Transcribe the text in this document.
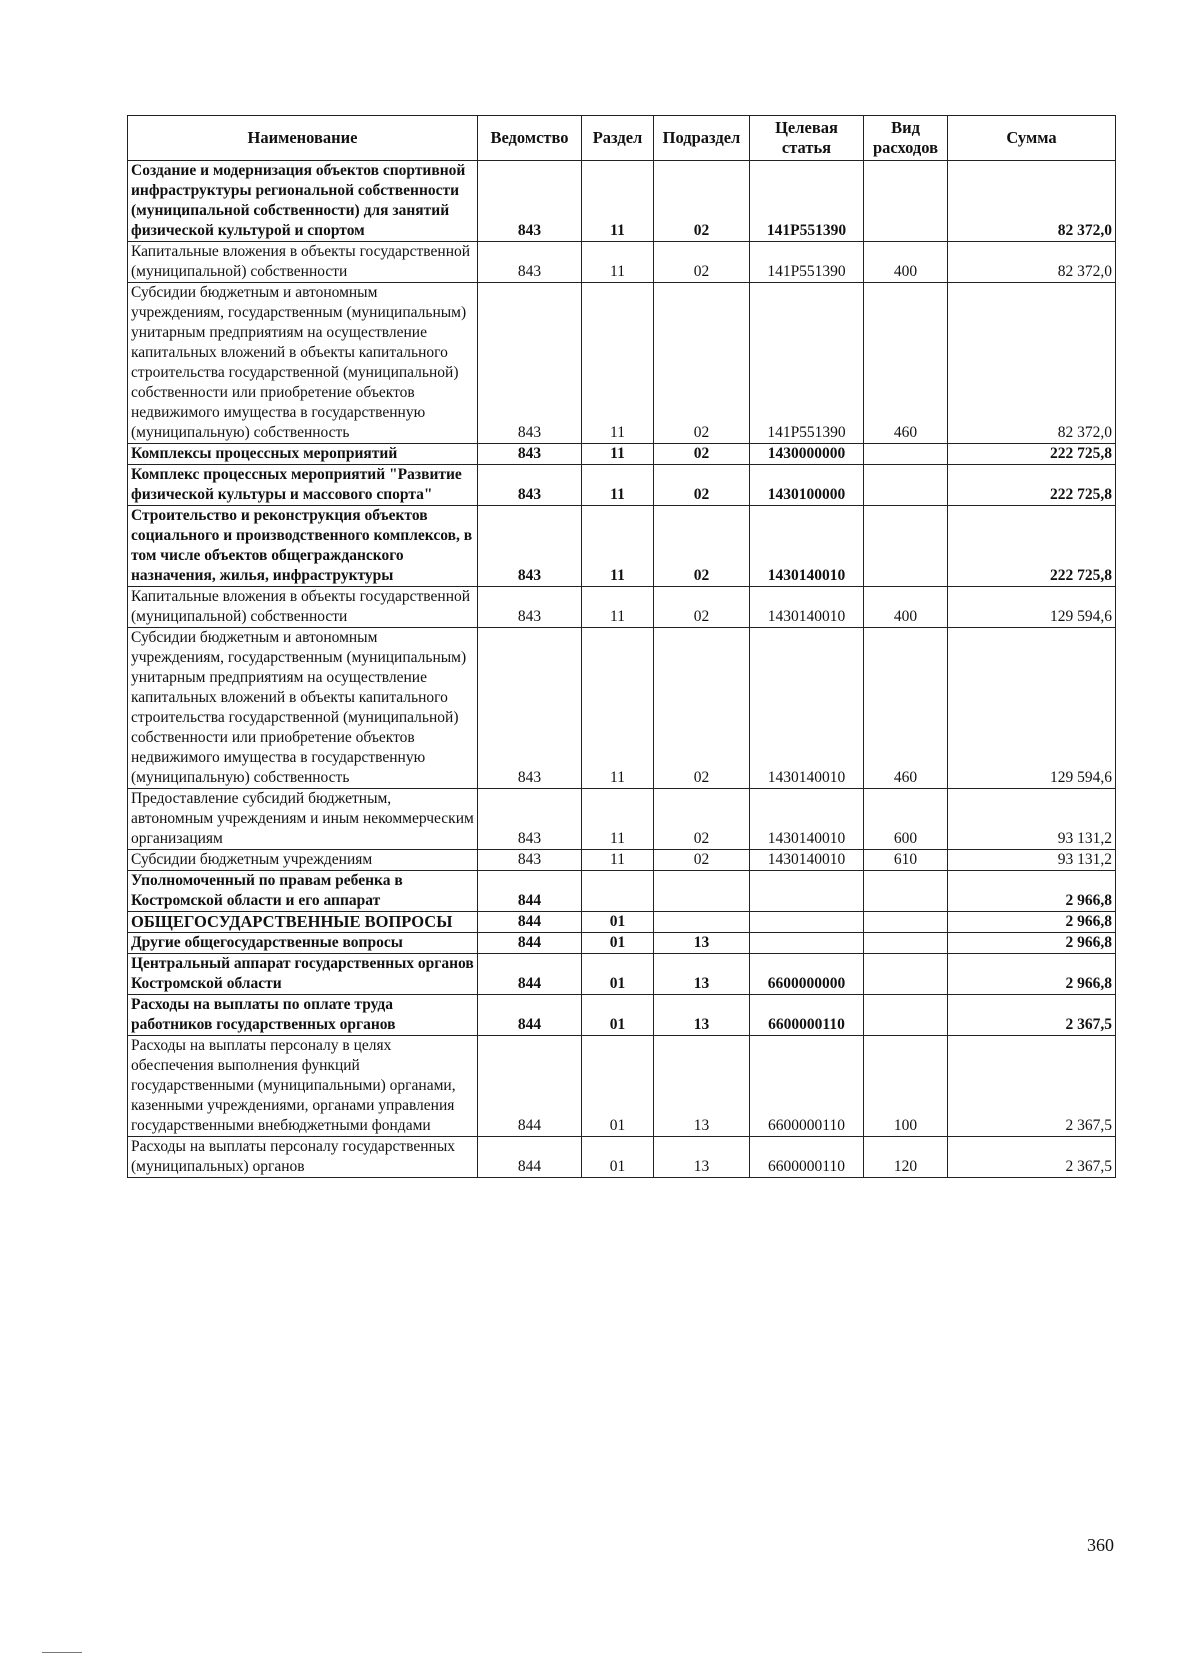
Наименование	Ведомство	Раздел	Подраздел	Целевая статья	Вид расходов	Сумма
Создание и модернизация объектов спортивной инфраструктуры региональной собственности (муниципальной собственности) для занятий физической культурой и спортом	843	11	02	141P551390		82 372,0
Капитальные вложения в объекты государственной (муниципальной) собственности	843	11	02	141P551390	400	82 372,0
Субсидии бюджетным и автономным учреждениям, государственным (муниципальным) унитарным предприятиям на осуществление капитальных вложений в объекты капитального строительства государственной (муниципальной) собственности или приобретение объектов недвижимого имущества в государственную (муниципальную) собственность	843	11	02	141P551390	460	82 372,0
Комплексы процессных мероприятий	843	11	02	1430000000		222 725,8
Комплекс процессных мероприятий "Развитие физической культуры и массового спорта"	843	11	02	1430100000		222 725,8
Строительство и реконструкция объектов социального и производственного комплексов, в том числе объектов общегражданского назначения, жилья, инфраструктуры	843	11	02	1430140010		222 725,8
Капитальные вложения в объекты государственной (муниципальной) собственности	843	11	02	1430140010	400	129 594,6
Субсидии бюджетным и автономным учреждениям, государственным (муниципальным) унитарным предприятиям на осуществление капитальных вложений в объекты капитального строительства государственной (муниципальной) собственности или приобретение объектов недвижимого имущества в государственную (муниципальную) собственность	843	11	02	1430140010	460	129 594,6
Предоставление субсидий бюджетным, автономным учреждениям и иным некоммерческим организациям	843	11	02	1430140010	600	93 131,2
Субсидии бюджетным учреждениям	843	11	02	1430140010	610	93 131,2
Уполномоченный по правам ребенка в Костромской области и его аппарат	844					2 966,8
ОБЩЕГОСУДАРСТВЕННЫЕ ВОПРОСЫ	844	01				2 966,8
Другие общегосударственные вопросы	844	01	13			2 966,8
Центральный аппарат государственных органов Костромской области	844	01	13	6600000000		2 966,8
Расходы на выплаты по оплате труда работников государственных органов	844	01	13	6600000110		2 367,5
Расходы на выплаты персоналу в целях обеспечения выполнения функций государственными (муниципальными) органами, казенными учреждениями, органами управления государственными внебюджетными фондами	844	01	13	6600000110	100	2 367,5
Расходы на выплаты персоналу государственных (муниципальных) органов	844	01	13	6600000110	120	2 367,5
360
